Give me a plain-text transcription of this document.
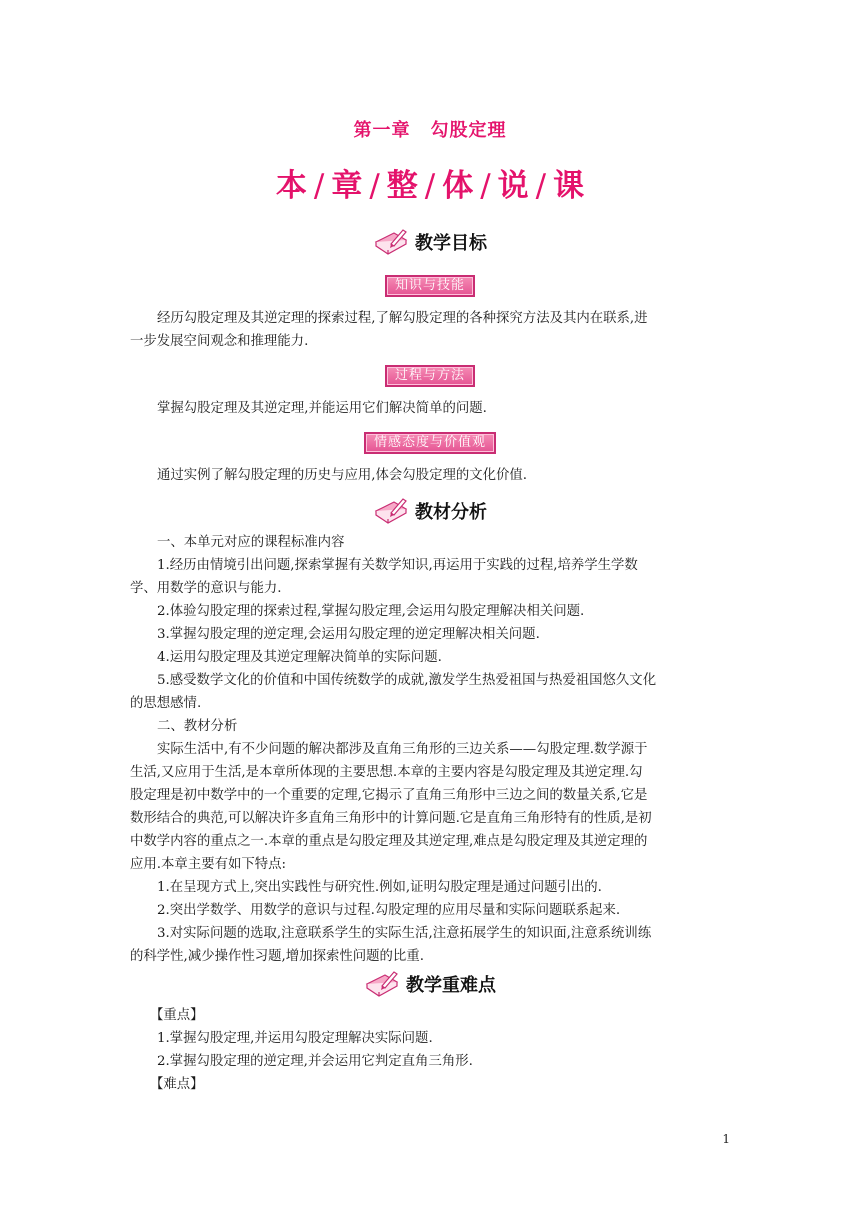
第一章 勾股定理
本 / 章 / 整 / 体 / 说 / 课
教学目标
知识与技能
经历勾股定理及其逆定理的探索过程,了解勾股定理的各种探究方法及其内在联系,进
一步发展空间观念和推理能力.
过程与方法
掌握勾股定理及其逆定理,并能运用它们解决简单的问题.
情感态度与价值观
通过实例了解勾股定理的历史与应用,体会勾股定理的文化价值.
教材分析
一、本单元对应的课程标准内容
1.经历由情境引出问题,探索掌握有关数学知识,再运用于实践的过程,培养学生学数
学、用数学的意识与能力.
2.体验勾股定理的探索过程,掌握勾股定理,会运用勾股定理解决相关问题.
3.掌握勾股定理的逆定理,会运用勾股定理的逆定理解决相关问题.
4.运用勾股定理及其逆定理解决简单的实际问题.
5.感受数学文化的价值和中国传统数学的成就,激发学生热爱祖国与热爱祖国悠久文化
的思想感情.
二、教材分析
实际生活中,有不少问题的解决都涉及直角三角形的三边关系——勾股定理.数学源于
生活,又应用于生活,是本章所体现的主要思想.本章的主要内容是勾股定理及其逆定理.勾
股定理是初中数学中的一个重要的定理,它揭示了直角三角形中三边之间的数量关系,它是
数形结合的典范,可以解决许多直角三角形中的计算问题.它是直角三角形特有的性质,是初
中数学内容的重点之一.本章的重点是勾股定理及其逆定理,难点是勾股定理及其逆定理的
应用.本章主要有如下特点:
1.在呈现方式上,突出实践性与研究性.例如,证明勾股定理是通过问题引出的.
2.突出学数学、用数学的意识与过程.勾股定理的应用尽量和实际问题联系起来.
3.对实际问题的选取,注意联系学生的实际生活,注意拓展学生的知识面,注意系统训练
的科学性,减少操作性习题,增加探索性问题的比重.
教学重难点
【重点】
1.掌握勾股定理,并运用勾股定理解决实际问题.
2.掌握勾股定理的逆定理,并会运用它判定直角三角形.
【难点】
1
